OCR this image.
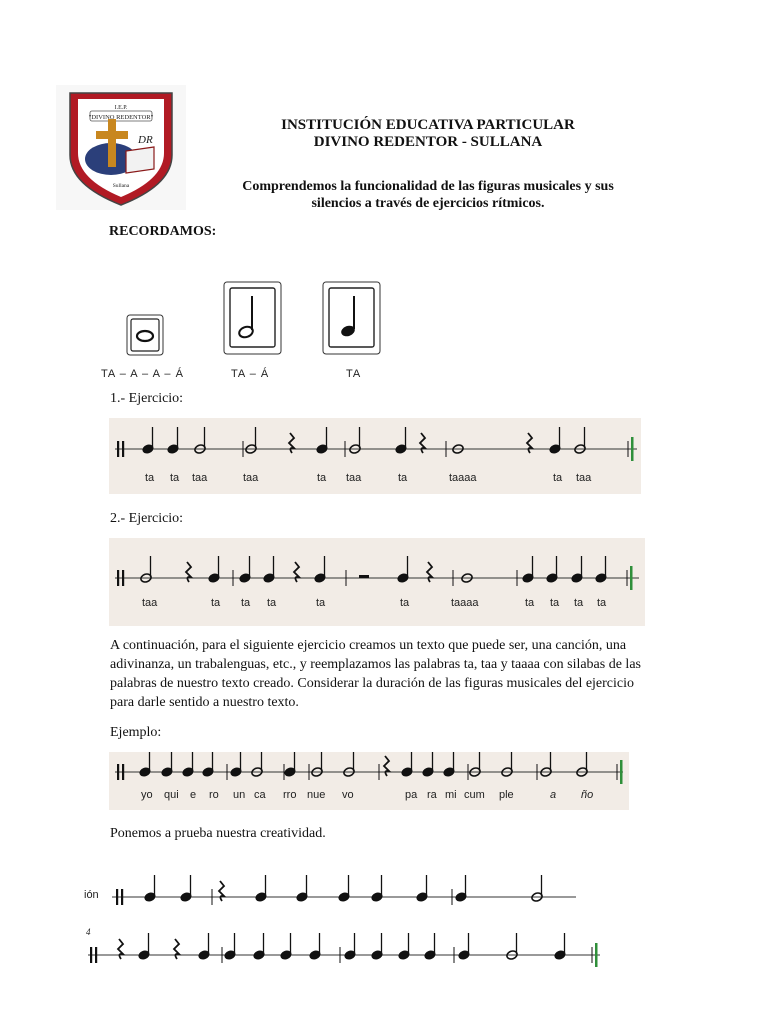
DR
I.E.P.
"DIVINO REDENTOR"
Sullana
INSTITUCIÓN EDUCATIVA PARTICULAR
DIVINO REDENTOR - SULLANA
Comprendemos la funcionalidad de las figuras musicales y sus
silencios a través de ejercicios rítmicos.
RECORDAMOS:
TA – A – A – Á	TA – Á	TA
1.- Ejercicio:
ta ta taa	taa	ta taa	ta	taaaa	ta taa
2.- Ejercicio:
taa	ta ta ta	ta	ta	taaaa	ta ta ta ta
A continuación, para el siguiente ejercicio creamos un texto que puede ser, una canción, una
adivinanza, un trabalenguas, etc., y reemplazamos las palabras ta, taa y taaaa con silabas de las
palabras de nuestro texto creado. Considerar la duración de las figuras musicales del ejercicio
para darle sentido a nuestro texto.
Ejemplo:
yo qui e ro un ca rro nue vo	pa ra mi cum ple	a ño
Ponemos a prueba nuestra creatividad.
ión
4
